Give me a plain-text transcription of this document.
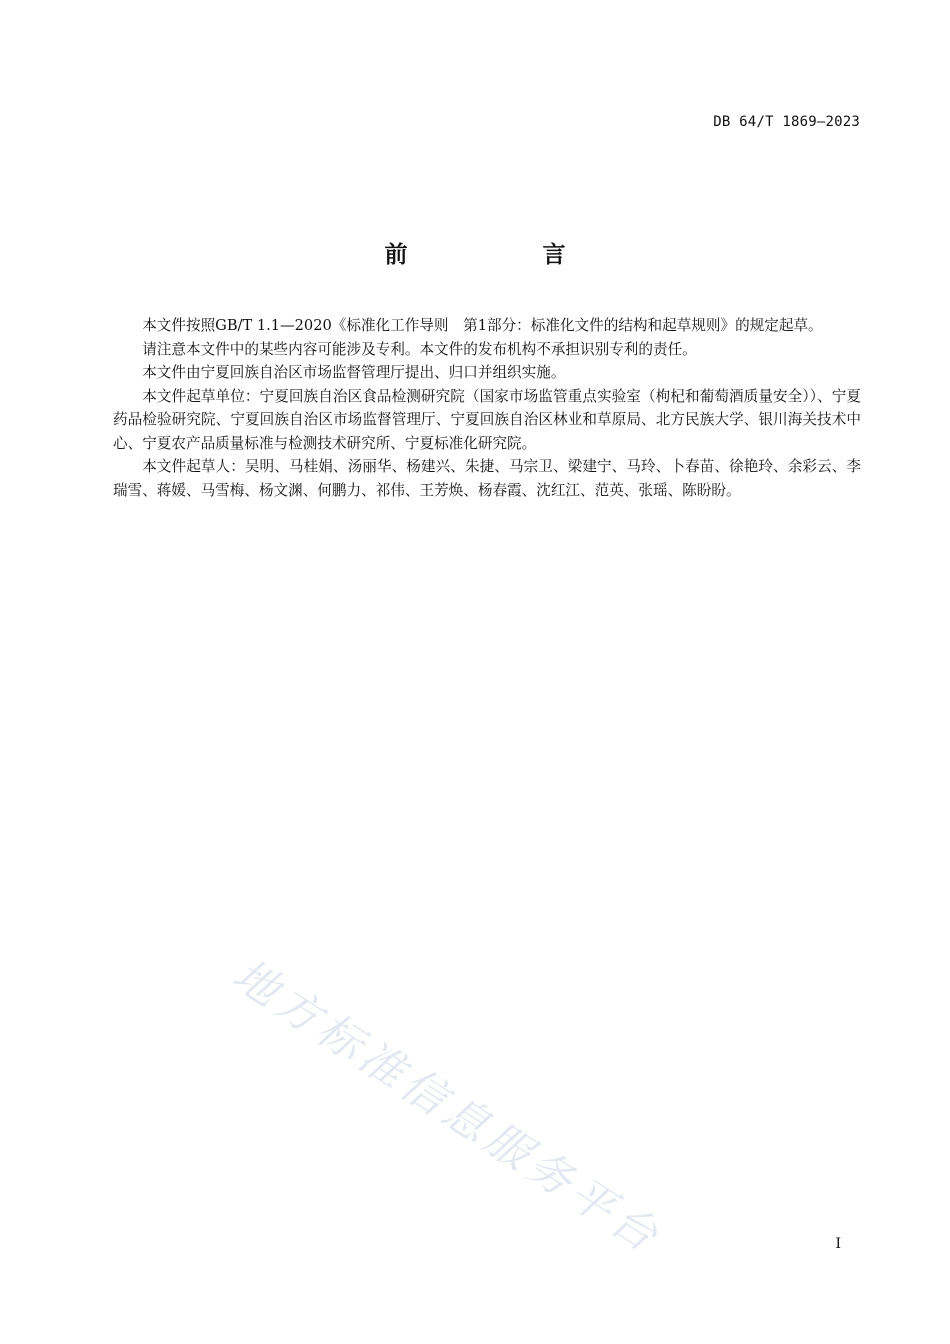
DB 64/T 1869—2023
前　言

本文件按照GB/T 1.1—2020《标准化工作导则　第1部分：标准化文件的结构和起草规则》的规定起草。

请注意本文件中的某些内容可能涉及专利。本文件的发布机构不承担识别专利的责任。

本文件由宁夏回族自治区市场监督管理厅提出、归口并组织实施。

本文件起草单位：宁夏回族自治区食品检测研究院（国家市场监管重点实验室（枸杞和葡萄酒质量安全））、宁夏药品检验研究院、宁夏回族自治区市场监督管理厅、宁夏回族自治区林业和草原局、北方民族大学、银川海关技术中心、宁夏农产品质量标准与检测技术研究所、宁夏标准化研究院。

本文件起草人：吴明、马桂娟、汤丽华、杨建兴、朱捷、马宗卫、梁建宁、马玲、卜春苗、徐艳玲、余彩云、李瑞雪、蒋媛、马雪梅、杨文渊、何鹏力、祁伟、王芳焕、杨春霞、沈红江、范英、张瑶、陈盼盼。

地方标准信息服务平台	I
